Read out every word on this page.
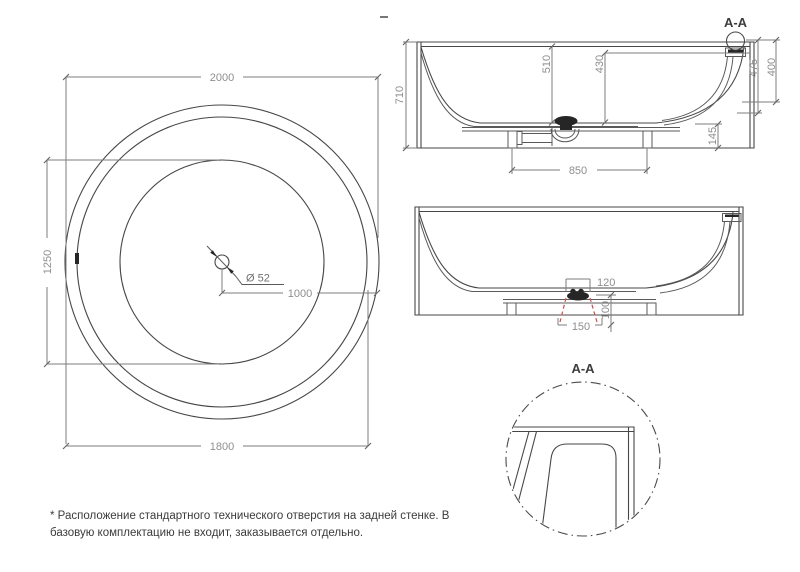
Ø 52
2000
1800
1250
1000
A-A
710
510	430	475 400
145
850
120
150
100
A-A
* Расположение стандартного технического отверстия на задней стенке. В
базовую комплектацию не входит, заказывается отдельно.
